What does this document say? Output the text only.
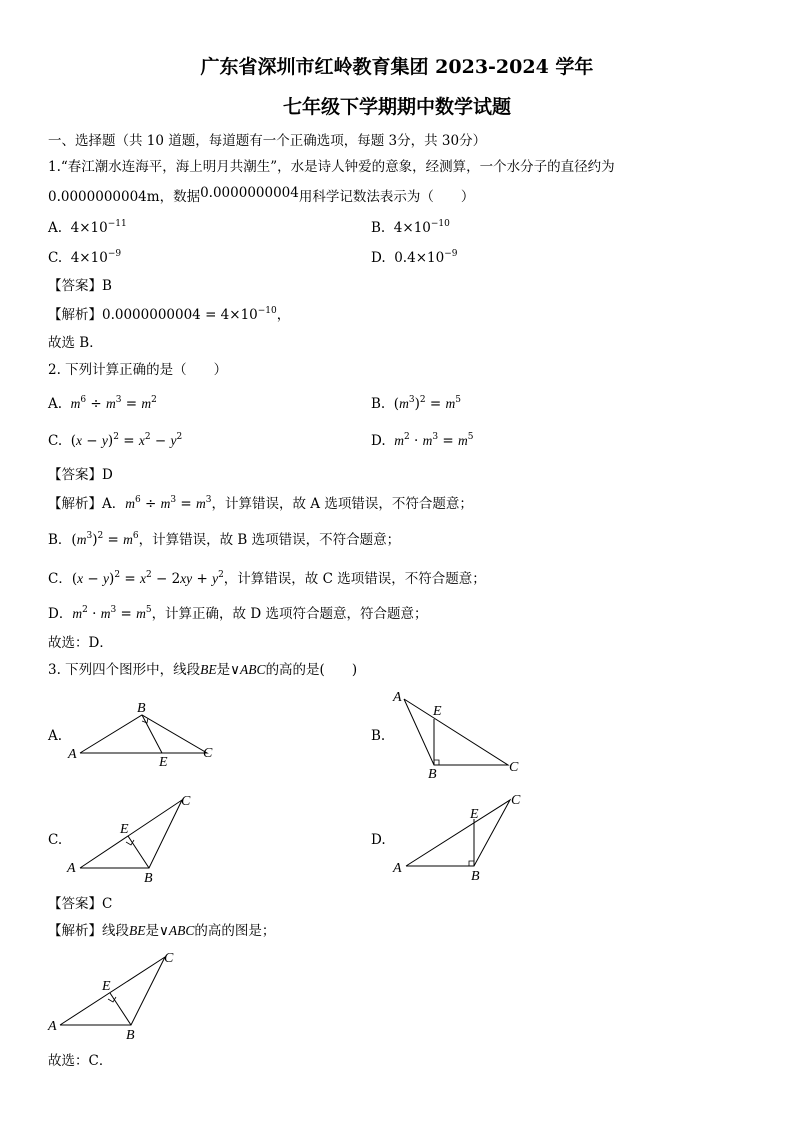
广东省深圳市红岭教育集团 2023-2024 学年
七年级下学期期中数学试题
一、选择题（共 10 道题，每道题有一个正确选项，每题 3分，共 30分）
1.“春江潮水连海平，海上明月共潮生”，水是诗人钟爱的意象，经测算，一个水分子的直径约为
0.0000000004m，数据0.0000000004用科学记数法表示为（　　）
A.  $4\times 10^{-11}$	B.  $4\times 10^{-10}$
C.  $4\times 10^{-9}$	D.  $0.4\times 10^{-9}$
【答案】B
【解析】$0.0000000004 = 4\times 10^{-10}$，
故选 B．
2. 下列计算正确的是（　　）
A. $m^6 \div m^3 = m^2$	B.  $(m^3)^2 = m^5$
C.  $(x - y)^2 = x^2 - y^2$	D. $m^2 \cdot m^3 = m^5$
【答案】D
【解析】A．$m^6 \div m^3 = m^3$，计算错误，故 A 选项错误，不符合题意；
B．$(m^3)^2 = m^6$，计算错误，故 B 选项错误，不符合题意；
C．$(x - y)^2 = x^2 - 2xy + y^2$，计算错误，故 C 选项错误，不符合题意；
D．$m^2 \cdot m^3 = m^5$，计算正确，故 D 选项符合题意，符合题意；
故选：D．
3. 下列四个图形中，线段BE是∨ABC的高的是(　　)
A.
A
B
C
E
B.
A
E
B	C
C.
A
E
C
B
D.
A
E
C
B
【答案】C
【解析】线段BE是∨ABC的高的图是；
A
E
C
B
故选：C．
